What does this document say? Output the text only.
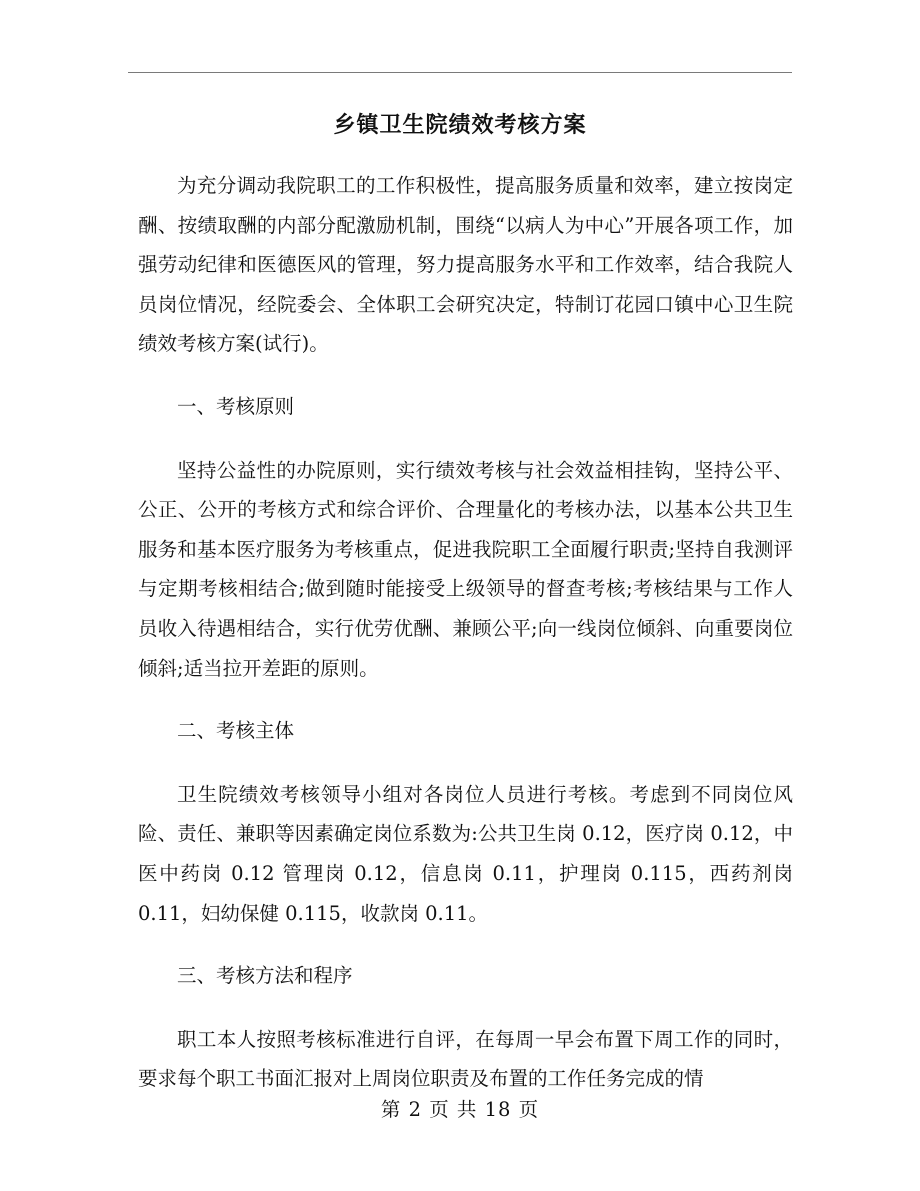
乡镇卫生院绩效考核方案

为充分调动我院职工的工作积极性，提高服务质量和效率，建立按岗定酬、按绩取酬的内部分配激励机制，围绕“以病人为中心”开展各项工作，加强劳动纪律和医德医风的管理，努力提高服务水平和工作效率，结合我院人员岗位情况，经院委会、全体职工会研究决定，特制订花园口镇中心卫生院绩效考核方案(试行)。

一、考核原则

坚持公益性的办院原则，实行绩效考核与社会效益相挂钩，坚持公平、公正、公开的考核方式和综合评价、合理量化的考核办法，以基本公共卫生服务和基本医疗服务为考核重点，促进我院职工全面履行职责;坚持自我测评与定期考核相结合;做到随时能接受上级领导的督查考核;考核结果与工作人员收入待遇相结合，实行优劳优酬、兼顾公平;向一线岗位倾斜、向重要岗位倾斜;适当拉开差距的原则。

二、考核主体

卫生院绩效考核领导小组对各岗位人员进行考核。考虑到不同岗位风险、责任、兼职等因素确定岗位系数为:公共卫生岗 0.12，医疗岗 0.12，中医中药岗 0.12 管理岗 0.12，信息岗 0.11，护理岗 0.115，西药剂岗 0.11，妇幼保健 0.115，收款岗 0.11。

三、考核方法和程序

职工本人按照考核标准进行自评，在每周一早会布置下周工作的同时，要求每个职工书面汇报对上周岗位职责及布置的工作任务完成的情

第 2 页 共 18 页
